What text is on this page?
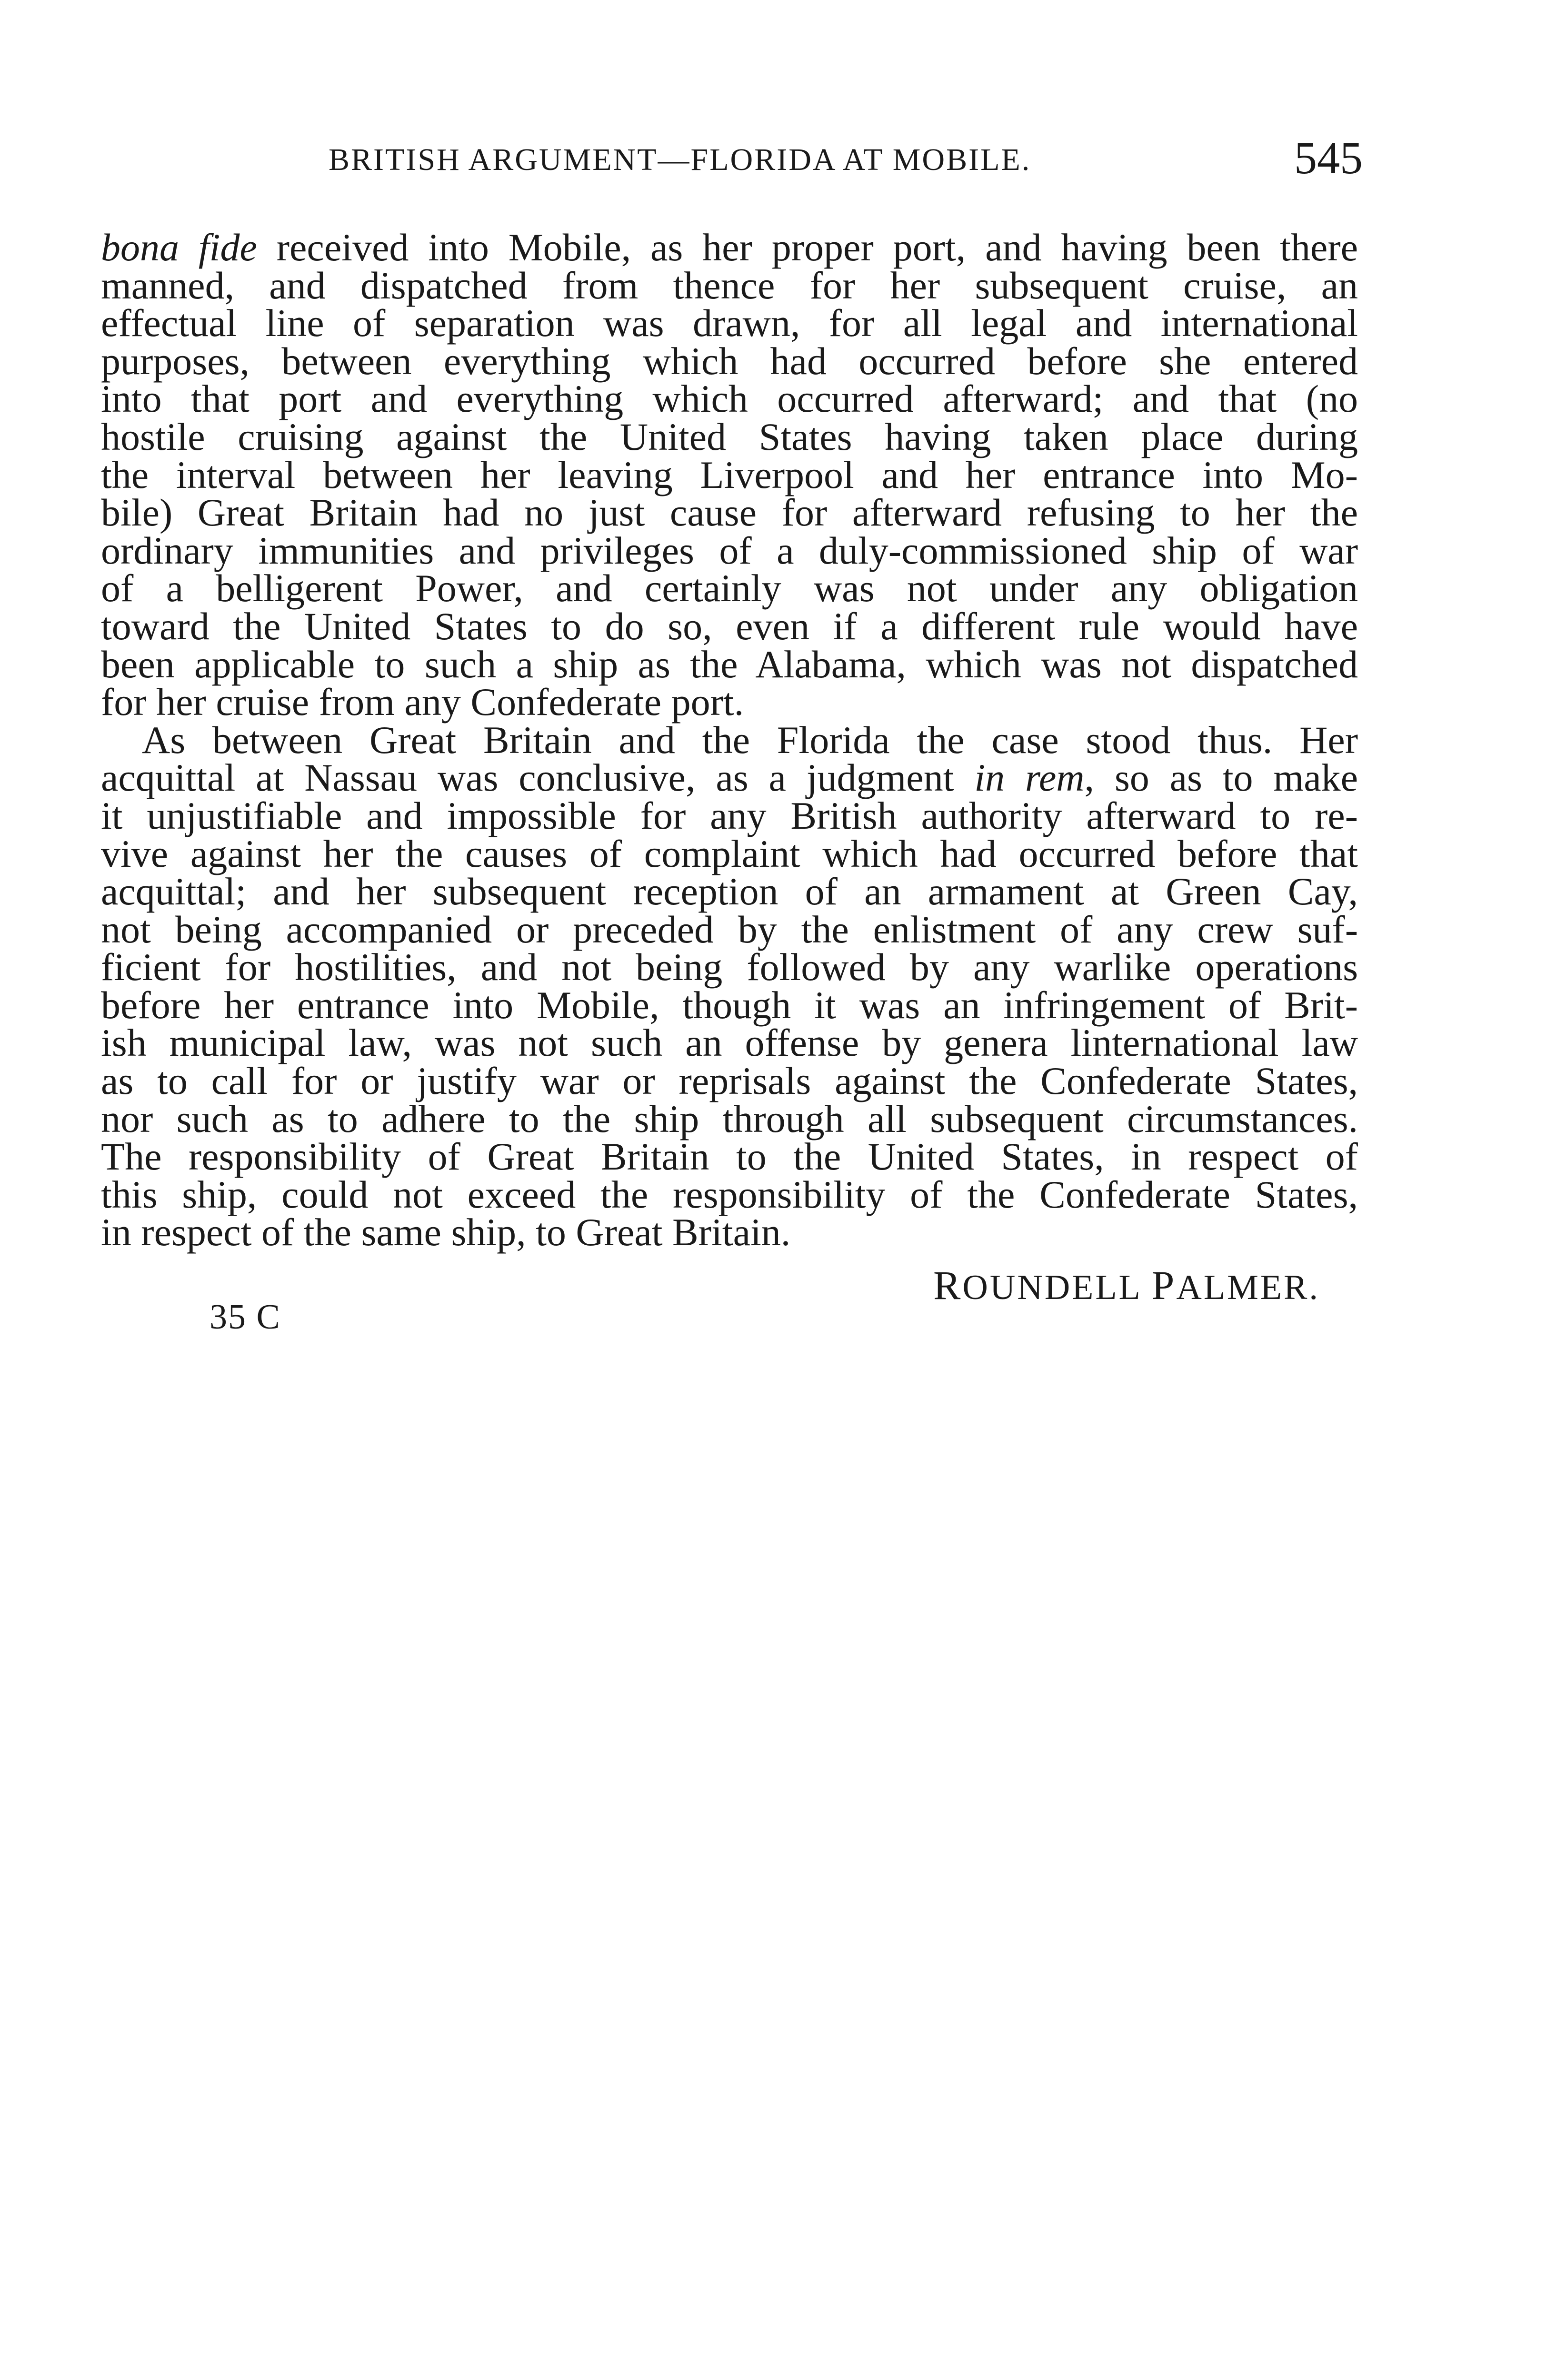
BRITISH ARGUMENT—FLORIDA AT MOBILE.	545
bona fide received into Mobile, as her proper port, and having been there
manned, and dispatched from thence for her subsequent cruise, an
effectual line of separation was drawn, for all legal and international
purposes, between everything which had occurred before she entered
into that port and everything which occurred afterward; and that (no
hostile cruising against the United States having taken place during
the interval between her leaving Liverpool and her entrance into Mo-
bile) Great Britain had no just cause for afterward refusing to her the
ordinary immunities and privileges of a duly-commissioned ship of war
of a belligerent Power, and certainly was not under any obligation
toward the United States to do so, even if a different rule would have
been applicable to such a ship as the Alabama, which was not dispatched
for her cruise from any Confederate port.
As between Great Britain and the Florida the case stood thus. Her
acquittal at Nassau was conclusive, as a judgment in rem, so as to make
it unjustifiable and impossible for any British authority afterward to re-
vive against her the causes of complaint which had occurred before that
acquittal; and her subsequent reception of an armament at Green Cay,
not being accompanied or preceded by the enlistment of any crew suf-
ficient for hostilities, and not being followed by any warlike operations
before her entrance into Mobile, though it was an infringement of Brit-
ish municipal law, was not such an offense by genera linternational law
as to call for or justify war or reprisals against the Confederate States,
nor such as to adhere to the ship through all subsequent circumstances.
The responsibility of Great Britain to the United States, in respect of
this ship, could not exceed the responsibility of the Confederate States,
in respect of the same ship, to Great Britain.
ROUNDELL PALMER.
35 C
